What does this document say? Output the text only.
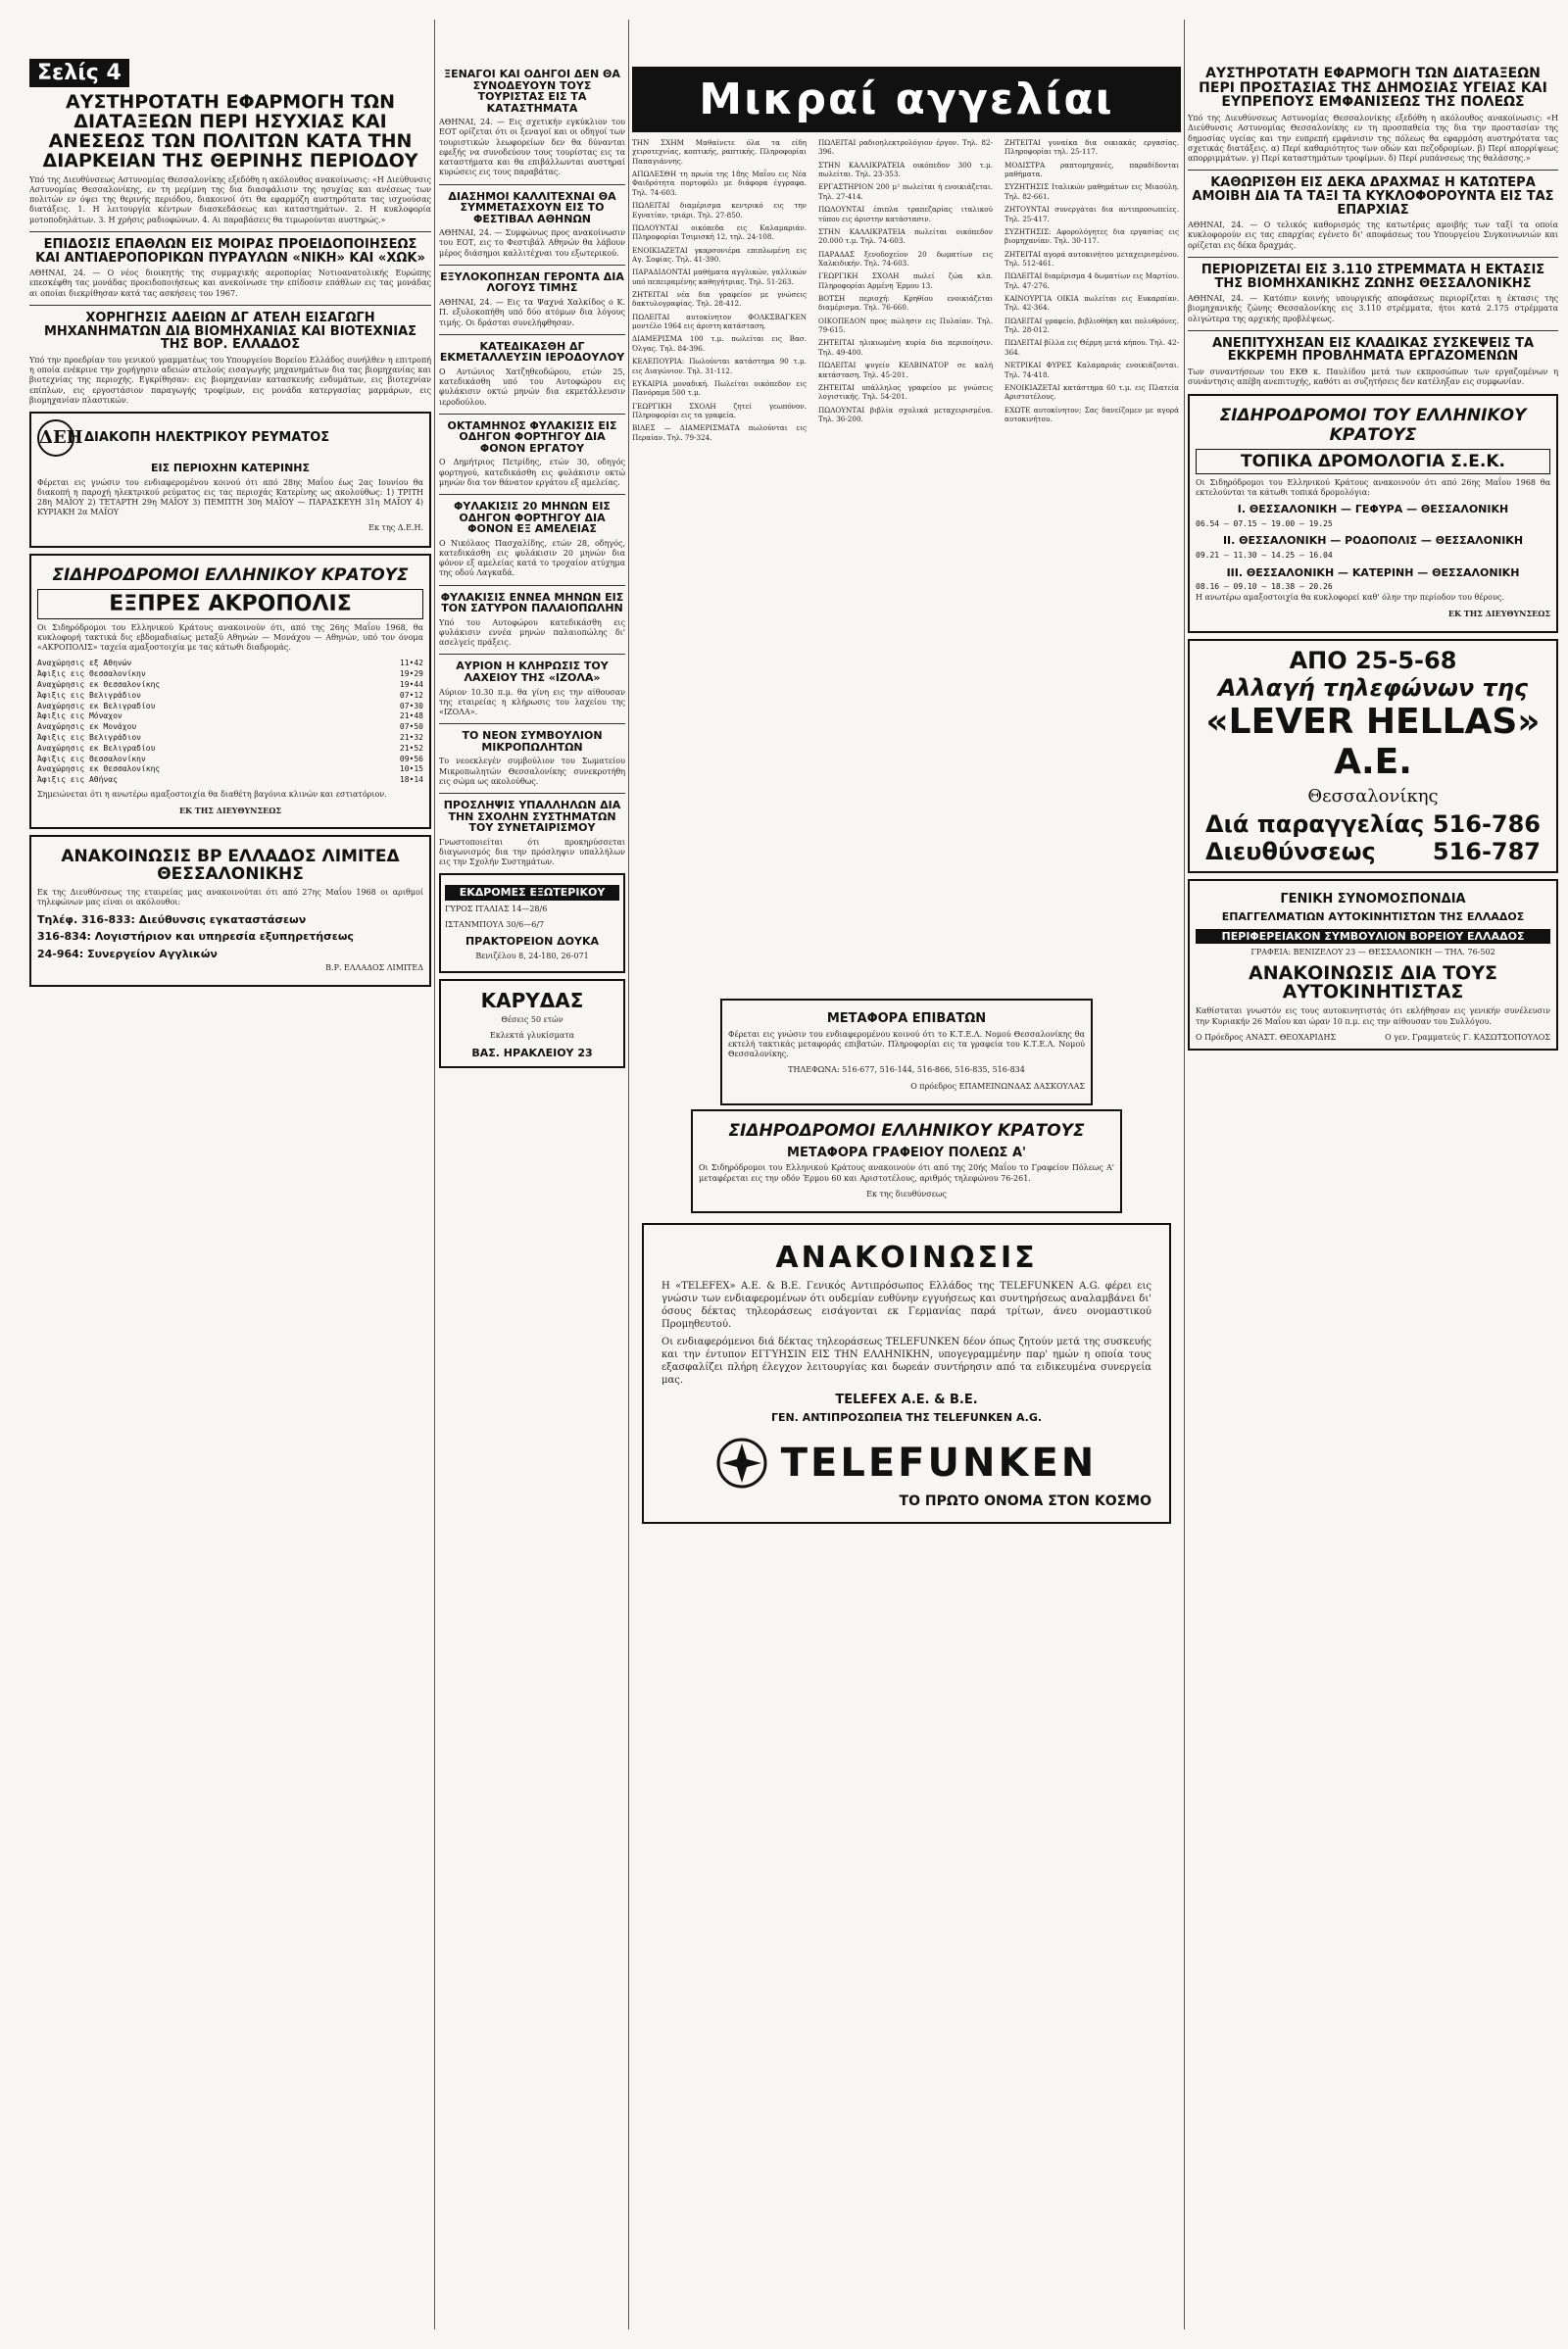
Σελίς 4
ΑΥΣΤΗΡΟΤΑΤΗ ΕΦΑΡΜΟΓΗ ΤΩΝ ΔΙΑΤΑΞΕΩΝ ΠΕΡΙ ΗΣΥΧΙΑΣ ΚΑΙ ΑΝΕΣΕΩΣ ΤΩΝ ΠΟΛΙΤΩΝ ΚΑΤΑ ΤΗΝ ΔΙΑΡΚΕΙΑΝ ΤΗΣ ΘΕΡΙΝΗΣ ΠΕΡΙΟΔΟΥ

Υπό της Διευθύνσεως Αστυνομίας Θεσσαλονίκης εξεδόθη η ακόλουθος ανακοίνωσις: «Η Διεύθυνσις Αστυνομίας Θεσσαλονίκης, εν τη μερίμνη της δια διασφάλισιν της ησυχίας και ανέσεως των πολιτών εν όψει της θερινής περιόδου, διακοινοί ότι θα εφαρμόζη αυστηρότατα τας ισχυούσας διατάξεις. 1. Η λειτουργία κέντρων διασκεδάσεως και καταστημάτων. 2. Η κυκλοφορία μοτοποδηλάτων. 3. Η χρήσις ραδιοφώνων. 4. Αι παραβάσεις θα τιμωρούνται αυστηρώς.»

ΕΠΙΔΟΣΙΣ ΕΠΑΘΛΩΝ ΕΙΣ ΜΟΙΡΑΣ ΠΡΟΕΙΔΟΠΟΙΗΣΕΩΣ ΚΑΙ ΑΝΤΙΑΕΡΟΠΟΡΙΚΩΝ ΠΥΡΑΥΛΩΝ «ΝΙΚΗ» ΚΑΙ «ΧΩΚ»

ΑΘΗΝΑΙ, 24. — Ο νέος διοικητής της συμμαχικής αεροπορίας Νοτιοανατολικής Ευρώπης επεσκέφθη τας μονάδας προειδοποιήσεως και ανεκοίνωσε την επίδοσιν επάθλων εις τας μονάδας αι οποίαι διεκρίθησαν κατά τας ασκήσεις του 1967.

ΧΟΡΗΓΗΣΙΣ ΑΔΕΙΩΝ ΔΓ ΑΤΕΛΗ ΕΙΣΑΓΩΓΗ ΜΗΧΑΝΗΜΑΤΩΝ ΔΙΑ ΒΙΟΜΗΧΑΝΙΑΣ ΚΑΙ ΒΙΟΤΕΧΝΙΑΣ ΤΗΣ ΒΟΡ. ΕΛΛΑΔΟΣ

Υπό την προεδρίαν του γενικού γραμματέως του Υπουργείου Βορείου Ελλάδος συνήλθεν η επιτροπή η οποία ενέκρινε την χορήγησιν αδειών ατελούς εισαγωγής μηχανημάτων δια τας βιομηχανίας και βιοτεχνίας της περιοχής. Εγκρίθησαν: εις βιομηχανίαν κατασκευής ενδυμάτων, εις βιοτεχνίαν επίπλων, εις εργοστάσιον παραγωγής τροφίμων, εις μονάδα κατεργασίας μαρμάρων, εις βιομηχανίαν πλαστικών.

ΔΕΗ ΔΙΑΚΟΠΗ ΗΛΕΚΤΡΙΚΟΥ ΡΕΥΜΑΤΟΣ
ΕΙΣ ΠΕΡΙΟΧΗΝ ΚΑΤΕΡΙΝΗΣ

Φέρεται εις γνώσιν του ενδιαφερομένου κοινού ότι από 28ης Μαΐου έως 2ας Ιουνίου θα διακοπή η παροχή ηλεκτρικού ρεύματος εις τας περιοχάς Κατερίνης ως ακολούθως: 1) ΤΡΙΤΗ 28η ΜΑΪΟΥ 2) ΤΕΤΑΡΤΗ 29η ΜΑΪΟΥ 3) ΠΕΜΠΤΗ 30η ΜΑΪΟΥ — ΠΑΡΑΣΚΕΥΗ 31η ΜΑΪΟΥ 4) ΚΥΡΙΑΚΗ 2α ΜΑΪΟΥ

Εκ της Δ.Ε.Η.
ΣΙΔΗΡΟΔΡΟΜΟΙ ΕΛΛΗΝΙΚΟΥ ΚΡΑΤΟΥΣ
ΕΞΠΡΕΣ ΑΚΡΟΠΟΛΙΣ

Οι Σιδηρόδρομοι του Ελληνικού Κράτους ανακοινούν ότι, από της 26ης Μαΐου 1968, θα κυκλοφορή τακτικά δις εβδομαδιαίως μεταξύ Αθηνών — Μονάχου — Αθηνών, υπό τον όνομα «ΑΚΡΟΠΟΛΙΣ» ταχεία αμαξοστοιχία με τας κάτωθι διαδρομάς.

Αναχώρησις εξ Αθηνών	11•42
Άφιξις εις Θεσσαλονίκην	19•29
Αναχώρησις εκ Θεσσαλονίκης	19•44
Άφιξις εις Βελιγράδιον	07•12
Αναχώρησις εκ Βελιγραδίου	07•30
Άφιξις εις Μόναχον	21•48
Αναχώρησις εκ Μονάχου	07•50
Άφιξις εις Βελιγράδιον	21•32
Αναχώρησις εκ Βελιγραδίου	21•52
Άφιξις εις Θεσσαλονίκην	09•56
Αναχώρησις εκ Θεσσαλονίκης	10•15
Άφιξις εις Αθήνας	18•14

Σημειώνεται ότι η ανωτέρω αμαξοστοιχία θα διαθέτη βαγόνια κλινών και εστιατόριον.

ΕΚ ΤΗΣ ΔΙΕΥΘΥΝΣΕΩΣ
ΑΝΑΚΟΙΝΩΣΙΣ ΒΡ ΕΛΛΑΔΟΣ ΛΙΜΙΤΕΔ ΘΕΣΣΑΛΟΝΙΚΗΣ

Εκ της Διευθύνσεως της εταιρείας μας ανακοινούται ότι από 27ης Μαΐου 1968 οι αριθμοί τηλεφώνων μας είναι οι ακόλουθοι:

Τηλέφ. 316-833: Διεύθυνσις εγκαταστάσεων
316-834: Λογιστήριον και υπηρεσία εξυπηρετήσεως
24-964: Συνεργείον Αγγλικών
Β.Ρ. ΕΛΛΑΔΟΣ ΛΙΜΙΤΕΔ
ΞΕΝΑΓΟΙ ΚΑΙ ΟΔΗΓΟΙ ΔΕΝ ΘΑ ΣΥΝΟΔΕΥΟΥΝ ΤΟΥΣ ΤΟΥΡΙΣΤΑΣ ΕΙΣ ΤΑ ΚΑΤΑΣΤΗΜΑΤΑ

ΑΘΗΝΑΙ, 24. — Εις σχετικήν εγκύκλιον του ΕΟΤ ορίζεται ότι οι ξεναγοί και οι οδηγοί των τουριστικών λεωφορείων δεν θα δύνανται εφεξής να συνοδεύουν τους τουρίστας εις τα καταστήματα και θα επιβάλλωνται αυστηραί κυρώσεις εις τους παραβάτας.

ΔΙΑΣΗΜΟΙ ΚΑΛΛΙΤΕΧΝΑΙ ΘΑ ΣΥΜΜΕΤΑΣΧΟΥΝ ΕΙΣ ΤΟ ΦΕΣΤΙΒΑΛ ΑΘΗΝΩΝ

ΑΘΗΝΑΙ, 24. — Συμφώνως προς ανακοίνωσιν του ΕΟΤ, εις το Φεστιβάλ Αθηνών θα λάβουν μέρος διάσημοι καλλιτέχναι του εξωτερικού.

ΕΞΥΛΟΚΟΠΗΣΑΝ ΓΕΡΟΝΤΑ ΔΙΑ ΛΟΓΟΥΣ ΤΙΜΗΣ

ΑΘΗΝΑΙ, 24. — Εις τα Ψαχνά Χαλκίδος ο Κ. Π. εξυλοκοπήθη υπό δύο ατόμων δια λόγους τιμής. Οι δράσται συνελήφθησαν.

ΚΑΤΕΔΙΚΑΣΘΗ ΔΓ ΕΚΜΕΤΑΛΛΕΥΣΙΝ ΙΕΡΟΔΟΥΛΟΥ

Ο Αντώνιος Χατζηθεοδώρου, ετών 25, κατεδικάσθη υπό του Αυτοφώρου εις φυλάκισιν οκτώ μηνών δια εκμετάλλευσιν ιεροδούλου.

ΟΚΤΑΜΗΝΟΣ ΦΥΛΑΚΙΣΙΣ ΕΙΣ ΟΔΗΓΟΝ ΦΟΡΤΗΓΟΥ ΔΙΑ ΦΟΝΟΝ ΕΡΓΑΤΟΥ

Ο Δημήτριος Πετρίδης, ετών 30, οδηγός φορτηγού, κατεδικάσθη εις φυλάκισιν οκτώ μηνών δια τον θάνατον εργάτου εξ αμελείας.

ΦΥΛΑΚΙΣΙΣ 20 ΜΗΝΩΝ ΕΙΣ ΟΔΗΓΟΝ ΦΟΡΤΗΓΟΥ ΔΙΑ ΦΟΝΟΝ ΕΞ ΑΜΕΛΕΙΑΣ

Ο Νικόλαος Πασχαλίδης, ετών 28, οδηγός, κατεδικάσθη εις φυλάκισιν 20 μηνών δια φόνον εξ αμελείας κατά το τροχαίον ατύχημα της οδού Λαγκαδά.

ΦΥΛΑΚΙΣΙΣ ΕΝΝΕΑ ΜΗΝΩΝ ΕΙΣ ΤΟΝ ΣΑΤΥΡΟΝ ΠΑΛΑΙΟΠΩΛΗΝ

Υπό του Αυτοφώρου κατεδικάσθη εις φυλάκισιν εννέα μηνών παλαιοπώλης δι' ασελγείς πράξεις.

ΑΥΡΙΟΝ Η ΚΛΗΡΩΣΙΣ ΤΟΥ ΛΑΧΕΙΟΥ ΤΗΣ «ΙΖΟΛΑ»

Αύριον 10.30 π.μ. θα γίνη εις την αίθουσαν της εταιρείας η κλήρωσις του λαχείου της «ΙΖΟΛΑ».

ΤΟ ΝΕΟΝ ΣΥΜΒΟΥΛΙΟΝ ΜΙΚΡΟΠΩΛΗΤΩΝ

Το νεοεκλεγέν συμβούλιον του Σωματείου Μικροπωλητών Θεσσαλονίκης συνεκροτήθη εις σώμα ως ακολούθως.

ΠΡΟΣΛΗΨΙΣ ΥΠΑΛΛΗΛΩΝ ΔΙΑ ΤΗΝ ΣΧΟΛΗΝ ΣΥΣΤΗΜΑΤΩΝ ΤΟΥ ΣΥΝΕΤΑΙΡΙΣΜΟΥ

Γνωστοποιείται ότι προκηρύσσεται διαγωνισμός δια την πρόσληψιν υπαλλήλων εις την Σχολήν Συστημάτων.

ΕΚΔΡΟΜΕΣ ΕΞΩΤΕΡΙΚΟΥ
ΓΥΡΟΣ ΙΤΑΛΙΑΣ 14—28/6
ΙΣΤΑΝΜΠΟΥΛ 30/6—6/7
ΠΡΑΚΤΟΡΕΙΟΝ ΔΟΥΚΑ
Βενιζέλου 8, 24-180, 26-071
ΚΑΡΥΔΑΣ
Θέσεις 50 ετών
Εκλεκτά γλυκίσματα
ΒΑΣ. ΗΡΑΚΛΕΙΟΥ 23
Μικραί αγγελίαι

ΤΗΝ ΣΧΗΜ Μαθαίνετε όλα τα είδη χειροτεχνίας, κοπτικής, ραπτικής. Πληροφορίαι Παπαγιάννης.

ΑΠΩΛΕΣΘΗ τη πρωία της 18ης Μαΐου εις Νέα Φαιδρότητα πορτοφόλι με διάφορα έγγραφα. Τηλ. 74-603.

ΠΩΛΕΙΤΑΙ διαμέρισμα κεντρικό εις την Εγνατίαν, τριάρι. Τηλ. 27-850.

ΠΩΛΟΥΝΤΑΙ οικόπεδα εις Καλαμαριάν. Πληροφορίαι Τσιμισκή 12, τηλ. 24-108.

ΕΝΟΙΚΙΑΖΕΤΑΙ γκαρσονιέρα επιπλωμένη εις Αγ. Σοφίας. Τηλ. 41-390.

ΠΑΡΑΔΙΔΟΝΤΑΙ μαθήματα αγγλικών, γαλλικών υπό πεπειραμένης καθηγήτριας. Τηλ. 51-263.

ΖΗΤΕΙΤΑΙ νέα δια γραφείον με γνώσεις δακτυλογραφίας. Τηλ. 28-412.

ΠΩΛΕΙΤΑΙ αυτοκίνητον ΦΟΛΚΣΒΑΓΚΕΝ μοντέλο 1964 εις άριστη κατάσταση.

ΔΙΑΜΕΡΙΣΜΑ 100 τ.μ. πωλείται εις Βασ. Όλγας. Τηλ. 84-396.

ΚΕΛΕΠΟΥΡΙΑ: Πωλούνται κατάστημα 90 τ.μ. εις Διαγώνιον. Τηλ. 31-112.

ΕΥΚΑΙΡΙΑ μοναδική. Πωλείται οικόπεδον εις Πανόραμα 500 τ.μ.

ΓΕΩΡΓΙΚΗ ΣΧΟΛΗ ζητεί γεωπόνον. Πληροφορίαι εις τα γραφεία.

ΒΙΛΕΣ — ΔΙΑΜΕΡΙΣΜΑΤΑ πωλούνται εις Περαίαν. Τηλ. 79-324.

ΠΩΛΕΙΤΑΙ ραδιοηλεκτρολόγιον έργον. Τηλ. 82-396.

ΣΤΗΝ ΚΑΛΛΙΚΡΑΤΕΙΑ οικόπεδον 300 τ.μ. πωλείται. Τηλ. 23-353.

ΕΡΓΑΣΤΗΡΙΟΝ 200 μ² πωλείται ή ενοικιάζεται. Τηλ. 27-414.

ΠΩΛΟΥΝΤΑΙ έπιπλα τραπεζαρίας ιταλικού τύπου εις άριστην κατάστασιν.

ΣΤΗΝ ΚΑΛΛΙΚΡΑΤΕΙΑ πωλείται οικόπεδον 20.000 τ.μ. Τηλ. 74-603.

ΠΑΡΑΔΑΣ ξενοδοχείον 20 δωματίων εις Χαλκιδικήν. Τηλ. 74-603.

ΓΕΩΡΓΙΚΗ ΣΧΟΛΗ πωλεί ζώα κλπ. Πληροφορίαι Αρμένη Έρμου 13.

ΒΟΤΣΗ περιοχή: Κρηθίου ενοικιάζεται διαμέρισμα. Τηλ. 76-660.

ΟΙΚΟΠΕΔΟΝ προς πώλησιν εις Πυλαίαν. Τηλ. 79-615.

ΖΗΤΕΙΤΑΙ ηλικιωμένη κυρία δια περιποίησιν. Τηλ. 49-400.

ΠΩΛΕΙΤΑΙ ψυγείο ΚΕΛΒΙΝΑΤΟΡ σε καλή κατάσταση. Τηλ. 45-201.

ΖΗΤΕΙΤΑΙ υπάλληλος γραφείου με γνώσεις λογιστικής. Τηλ. 54-201.

ΠΩΛΟΥΝΤΑΙ βιβλία σχολικά μεταχειρισμένα. Τηλ. 36-200.

ΖΗΤΕΙΤΑΙ γυναίκα δια οικιακάς εργασίας. Πληροφορίαι τηλ. 25-117.

ΜΟΔΙΣΤΡΑ ραπτομηχανές, παραδίδονται μαθήματα.

ΣΥΖΗΤΗΣΙΣ Ιταλικών μαθημάτων εις Μιαούλη. Τηλ. 82-661.

ΖΗΤΟΥΝΤΑΙ συνεργάται δια αντιπροσωπείες. Τηλ. 25-417.

ΣΥΖΗΤΗΣΙΣ: Αφορολόγητες δια εργασίας εις βιομηχανίαν. Τηλ. 30-117.

ΖΗΤΕΙΤΑΙ αγορά αυτοκινήτου μεταχειρισμένου. Τηλ. 512-461.

ΠΩΛΕΙΤΑΙ διαμέρισμα 4 δωματίων εις Μαρτίου. Τηλ. 47-276.

ΚΑΙΝΟΥΡΓΙΑ ΟΙΚΙΑ πωλείται εις Ευκαρπίαν. Τηλ. 42-364.

ΠΩΛΕΙΤΑΙ γραφείο, βιβλιοθήκη και πολυθρόνες. Τηλ. 28-012.

ΠΩΛΕΙΤΑΙ βίλλα εις Θέρμη μετά κήπου. Τηλ. 42-364.

ΝΕΤΡΙΚΑΙ ΦΥΡΕΣ Καλαμαριάς ενοικιάζονται. Τηλ. 74-418.

ΕΝΟΙΚΙΑΖΕΤΑΙ κατάστημα 60 τ.μ. εις Πλατεία Αριστοτέλους.

ΕΧΩΤΕ αυτοκίνητον; Σας δανείζομεν με αγορά αυτοκινήτου.

ΜΕΤΑΦΟΡΑ ΕΠΙΒΑΤΩΝ

Φέρεται εις γνώσιν του ενδιαφερομένου κοινού ότι το Κ.Τ.Ε.Λ. Νομού Θεσσαλονίκης θα εκτελή τακτικάς μεταφοράς επιβατών. Πληροφορίαι εις τα γραφεία του Κ.Τ.Ε.Λ. Νομού Θεσσαλονίκης.

ΤΗΛΕΦΩΝΑ: 516-677, 516-144, 516-866, 516-835, 516-834
Ο πρόεδρος ΕΠΑΜΕΙΝΩΝΔΑΣ ΔΑΣΚΟΥΛΑΣ
ΣΙΔΗΡΟΔΡΟΜΟΙ ΕΛΛΗΝΙΚΟΥ ΚΡΑΤΟΥΣ
ΜΕΤΑΦΟΡΑ ΓΡΑΦΕΙΟΥ ΠΟΛΕΩΣ Α'

Οι Σιδηρόδρομοι του Ελληνικού Κράτους ανακοινούν ότι από της 20ής Μαΐου το Γραφείον Πόλεως Α' μεταφέρεται εις την οδόν Έρμου 60 και Αριστοτέλους, αριθμός τηλεφώνου 76-261.

Εκ της διευθύνσεως
ΑΝΑΚΟΙΝΩΣΙΣ

Η «TELEFEX» Α.Ε. & Β.Ε. Γενικός Αντιπρόσωπος Ελλάδος της TELEFUNKEN A.G. φέρει εις γνώσιν των ενδιαφερομένων ότι ουδεμίαν ευθύνην εγγυήσεως και συντηρήσεως αναλαμβάνει δι' όσους δέκτας τηλεοράσεως εισάγονται εκ Γερμανίας παρά τρίτων, άνευ ονομαστικού Προμηθευτού.

Οι ενδιαφερόμενοι διά δέκτας τηλεοράσεως TELEFUNKEN δέον όπως ζητούν μετά της συσκευής και την έντυπον ΕΓΓΥΗΣΙΝ ΕΙΣ ΤΗΝ ΕΛΛΗΝΙΚΗΝ, υπογεγραμμένην παρ' ημών η οποία τους εξασφαλίζει πλήρη έλεγχον λειτουργίας και δωρεάν συντήρησιν από τα ειδικευμένα συνεργεία μας.

TELEFEX A.E. & B.E.
ΓΕΝ. ΑΝΤΙΠΡΟΣΩΠΕΙΑ ΤΗΣ TELEFUNKEN A.G.
TELEFUNKEN
ΤΟ ΠΡΩΤΟ ΟΝΟΜΑ ΣΤΟΝ ΚΟΣΜΟ
ΑΥΣΤΗΡΟΤΑΤΗ ΕΦΑΡΜΟΓΗ ΤΩΝ ΔΙΑΤΑΞΕΩΝ ΠΕΡΙ ΠΡΟΣΤΑΣΙΑΣ ΤΗΣ ΔΗΜΟΣΙΑΣ ΥΓΕΙΑΣ ΚΑΙ ΕΥΠΡΕΠΟΥΣ ΕΜΦΑΝΙΣΕΩΣ ΤΗΣ ΠΟΛΕΩΣ

Υπό της Διευθύνσεως Αστυνομίας Θεσσαλονίκης εξεδόθη η ακόλουθος ανακοίνωσις: «Η Διεύθυνσις Αστυνομίας Θεσσαλονίκης εν τη προσπαθεία της δια την προστασίαν της δημοσίας υγείας και την ευπρεπή εμφάνισιν της πόλεως θα εφαρμόση αυστηρότατα τας σχετικάς διατάξεις. α) Περί καθαριότητος των οδών και πεζοδρομίων. β) Περί απορρίψεως απορριμμάτων. γ) Περί καταστημάτων τροφίμων. δ) Περί ρυπάνσεως της θαλάσσης.»

ΚΑΘΩΡΙΣΘΗ ΕΙΣ ΔΕΚΑ ΔΡΑΧΜΑΣ Η ΚΑΤΩΤΕΡΑ ΑΜΟΙΒΗ ΔΙΑ ΤΑ ΤΑΞΙ ΤΑ ΚΥΚΛΟΦΟΡΟΥΝΤΑ ΕΙΣ ΤΑΣ ΕΠΑΡΧΙΑΣ

ΑΘΗΝΑΙ, 24. — Ο τελικός καθορισμός της κατωτέρας αμοιβής των ταξί τα οποία κυκλοφορούν εις τας επαρχίας εγένετο δι' αποφάσεως του Υπουργείου Συγκοινωνιών και ορίζεται εις δέκα δραχμάς.

ΠΕΡΙΟΡΙΖΕΤΑΙ ΕΙΣ 3.110 ΣΤΡΕΜΜΑΤΑ Η ΕΚΤΑΣΙΣ ΤΗΣ ΒΙΟΜΗΧΑΝΙΚΗΣ ΖΩΝΗΣ ΘΕΣΣΑΛΟΝΙΚΗΣ

ΑΘΗΝΑΙ, 24. — Κατόπιν κοινής υπουργικής αποφάσεως περιορίζεται η έκτασις της βιομηχανικής ζώνης Θεσσαλονίκης εις 3.110 στρέμματα, ήτοι κατά 2.175 στρέμματα ολιγώτερα της αρχικής προβλέψεως.

ΑΝΕΠΙΤΥΧΗΣΑΝ ΕΙΣ ΚΛΑΔΙΚΑΣ ΣΥΣΚΕΨΕΙΣ ΤΑ ΕΚΚΡΕΜΗ ΠΡΟΒΛΗΜΑΤΑ ΕΡΓΑΖΟΜΕΝΩΝ

Των συναντήσεων του ΕΚΘ κ. Παυλίδου μετά των εκπροσώπων των εργαζομένων η συνάντησις απέβη ανεπιτυχής, καθότι αι συζητήσεις δεν κατέληξαν εις συμφωνίαν.

ΣΙΔΗΡΟΔΡΟΜΟΙ ΤΟΥ ΕΛΛΗΝΙΚΟΥ ΚΡΑΤΟΥΣ
ΤΟΠΙΚΑ ΔΡΟΜΟΛΟΓΙΑ Σ.Ε.Κ.

Οι Σιδηρόδρομοι του Ελληνικού Κράτους ανακοινούν ότι από 26ης Μαΐου 1968 θα εκτελούνται τα κάτωθι τοπικά δρομολόγια:

I. ΘΕΣΣΑΛΟΝΙΚΗ — ΓΕΦΥΡΑ — ΘΕΣΣΑΛΟΝΙΚΗ
06.54 — 07.15 — 19.00 — 19.25
II. ΘΕΣΣΑΛΟΝΙΚΗ — ΡΟΔΟΠΟΛΙΣ — ΘΕΣΣΑΛΟΝΙΚΗ
09.21 — 11.30 — 14.25 — 16.04
III. ΘΕΣΣΑΛΟΝΙΚΗ — ΚΑΤΕΡΙΝΗ — ΘΕΣΣΑΛΟΝΙΚΗ
08.16 — 09.10 — 18.38 — 20.26

Η ανωτέρω αμαξοστοιχία θα κυκλοφορεί καθ' όλην την περίοδον του θέρους.

ΕΚ ΤΗΣ ΔΙΕΥΘΥΝΣΕΩΣ
ΑΠΟ 25-5-68
Αλλαγή τηλεφώνων της
«LEVER HELLAS» Α.Ε.
Θεσσαλονίκης
Διά παραγγελίας 516-786
Διευθύνσεως 516-787
ΓΕΝΙΚΗ ΣΥΝΟΜΟΣΠΟΝΔΙΑ
ΕΠΑΓΓΕΛΜΑΤΙΩΝ ΑΥΤΟΚΙΝΗΤΙΣΤΩΝ ΤΗΣ ΕΛΛΑΔΟΣ
ΠΕΡΙΦΕΡΕΙΑΚΟΝ ΣΥΜΒΟΥΛΙΟΝ ΒΟΡΕΙΟΥ ΕΛΛΑΔΟΣ
ΓΡΑΦΕΙΑ: ΒΕΝΙΖΕΛΟΥ 23 — ΘΕΣΣΑΛΟΝΙΚΗ — ΤΗΛ. 76-502
ΑΝΑΚΟΙΝΩΣΙΣ ΔΙΑ ΤΟΥΣ ΑΥΤΟΚΙΝΗΤΙΣΤΑΣ

Καθίσταται γνωστόν εις τους αυτοκινητιστάς ότι εκλήθησαν εις γενικήν συνέλευσιν την Κυριακήν 26 Μαΐου και ώραν 10 π.μ. εις την αίθουσαν του Συλλόγου.

Ο Πρόεδρος ΑΝΑΣΤ. ΘΕΟΧΑΡΙΔΗΣ	Ο γεν. Γραμματεύς Γ. ΚΑΣΩΤΣΟΠΟΥΛΟΣ
